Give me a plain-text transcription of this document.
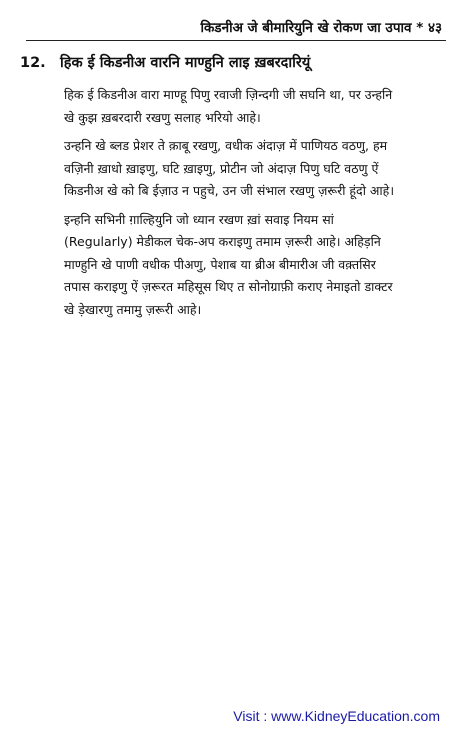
किडनीअ जे बीमारियुनि खे रोकण जा उपाव * ४३
12. हिक ई किडनीअ वारनि माण्हुनि लाइ ख़बरदारियूं

हिक ई किडनीअ वारा माण्हू पिणु रवाजी ज़िन्दगी जी सघनि था, पर उन्हनि
खे कुझ ख़बरदारी रखणु सलाह भरियो आहे।

उन्हनि खे ब्लड प्रेशर ते क़ाबू रखणु, वधीक अंदाज़ में पाणियठ वठणु, हम
वज़िनी ख़ाधो ख़ाइणु, घटि ख़ाइणु, प्रोटीन जो अंदाज़ पिणु घटि वठणु ऐं
किडनीअ खे को बि ईज़ाउ न पहुचे, उन जी संभाल रखणु ज़रूरी हूंदो आहे।

इन्हनि सभिनी ग़ाल्हियुनि जो ध्यान रखण ख़ां सवाइ नियम सां
(Regularly) मेडीकल चेक-अप कराइणु तमाम ज़रूरी आहे। अहिड़नि
माण्हुनि खे पाणी वधीक पीअणु, पेशाब या ब्रीअ बीमारीअ जी वक़्तसिर
तपास कराइणु ऐं ज़रूरत महिसूस थिए त सोनोग्राफ़ी कराए नेमाइतो डाक्टर
खे ड़ेखारणु तमामु ज़रूरी आहे।

Visit : www.KidneyEducation.com
